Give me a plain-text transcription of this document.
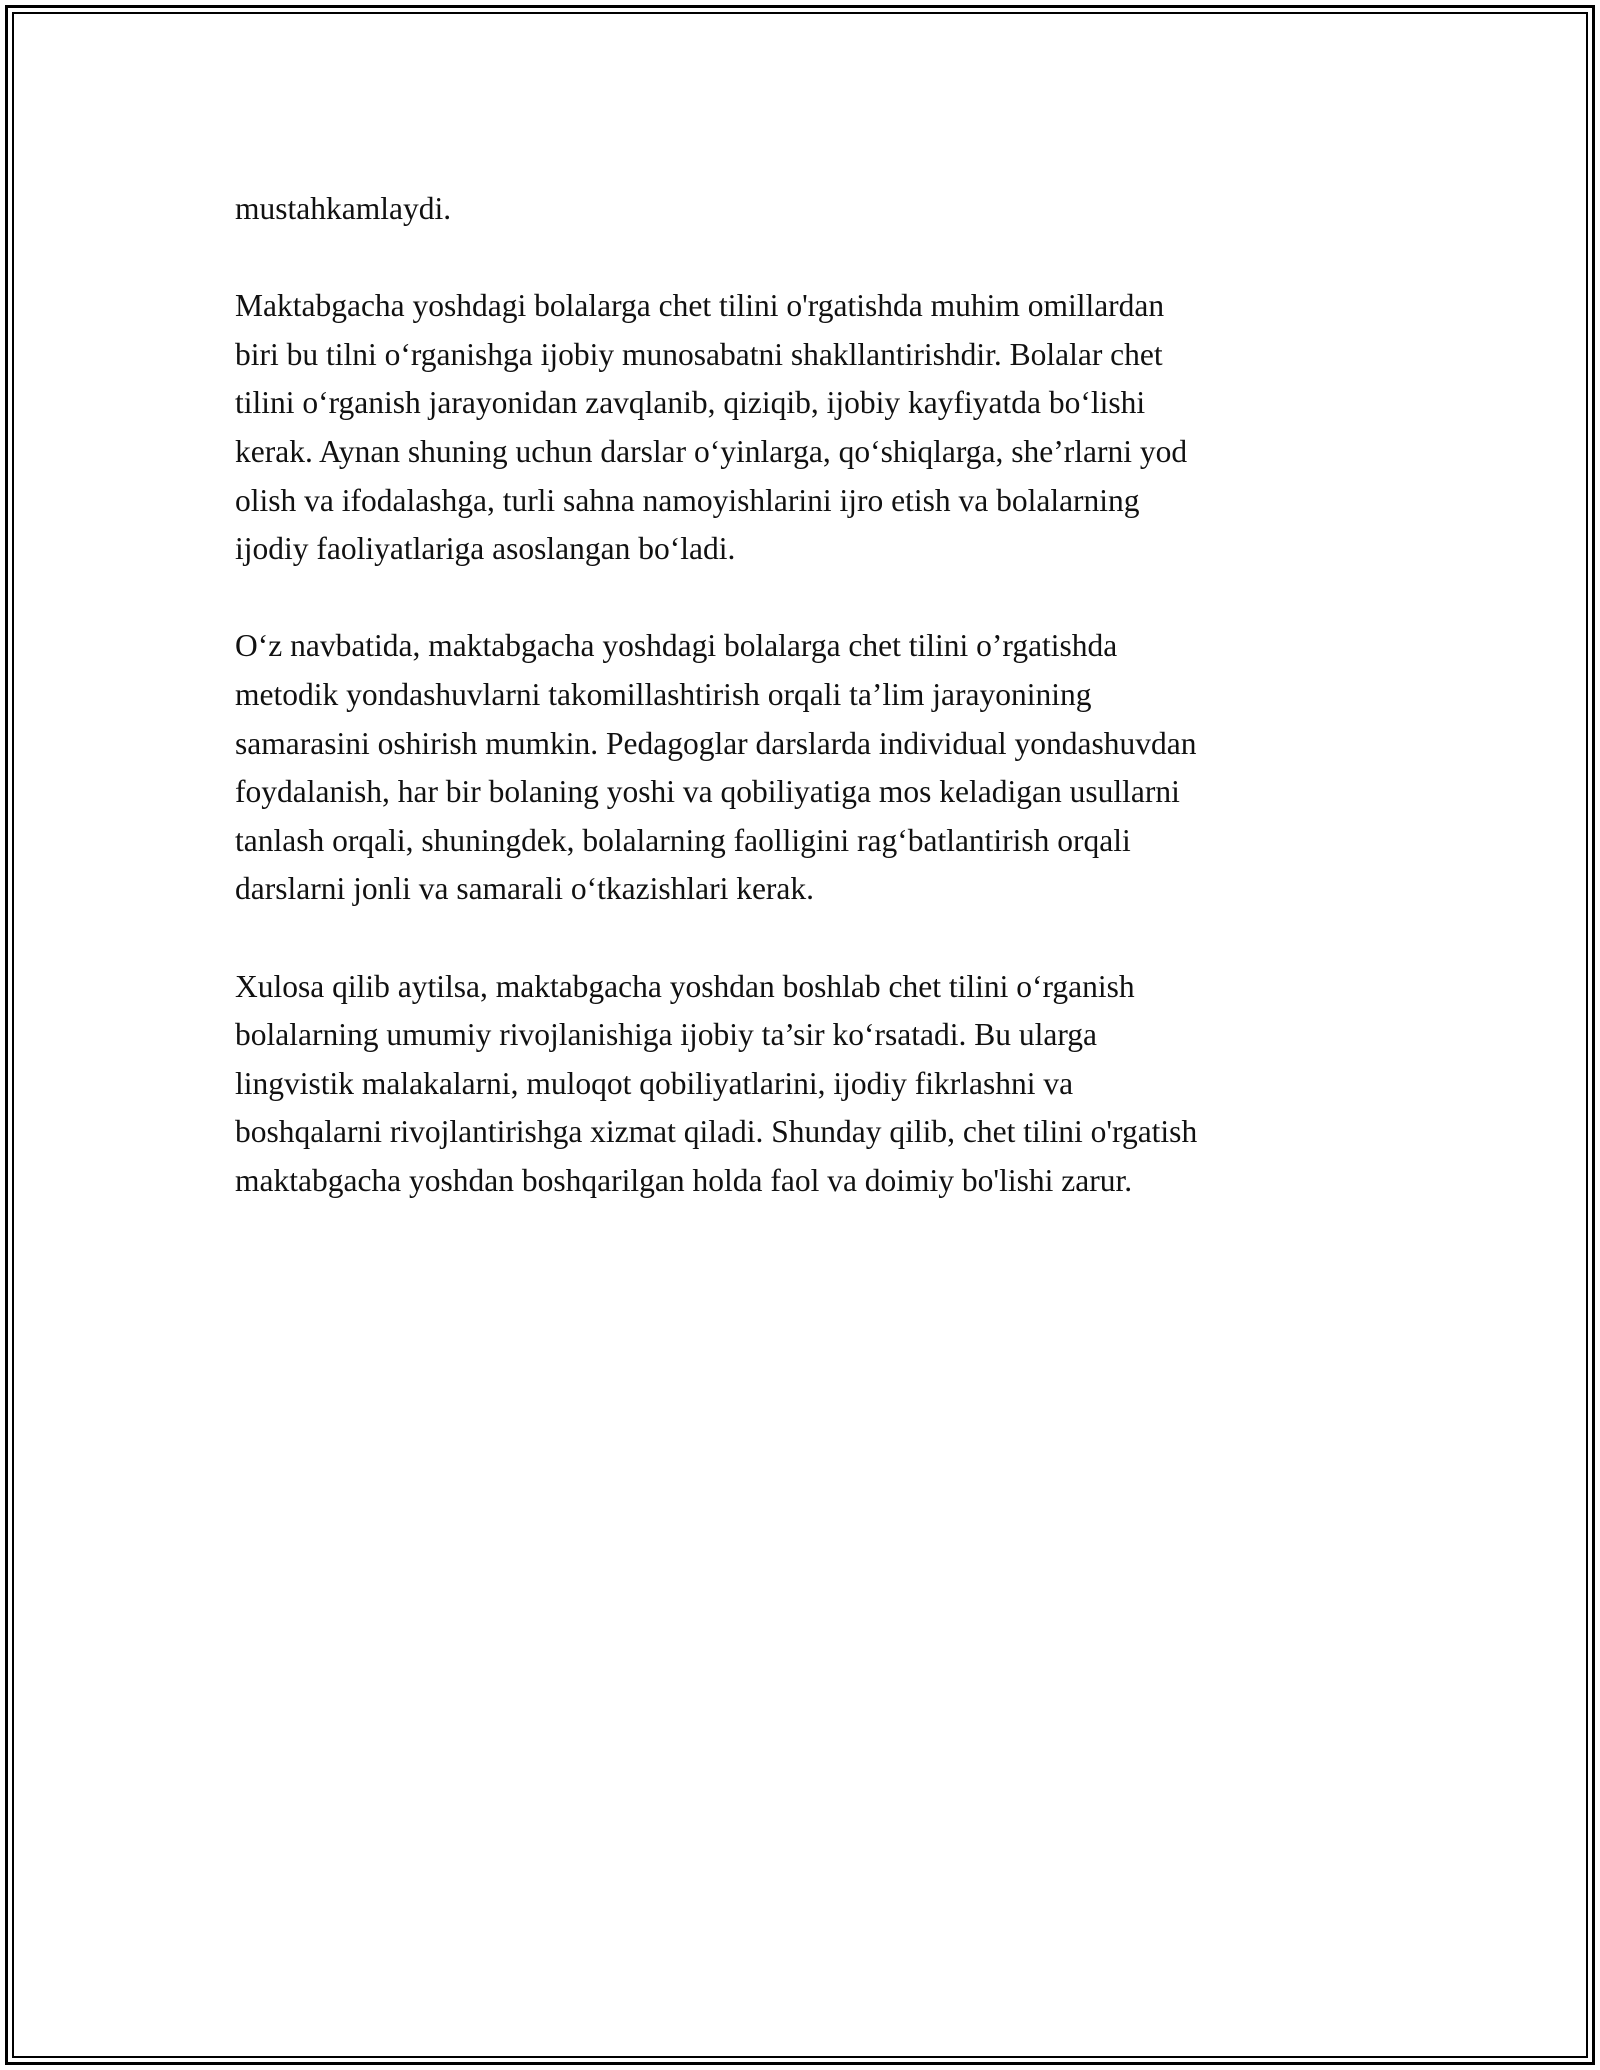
mustahkamlaydi.

Maktabgacha yoshdagi bolalarga chet tilini o'rgatishda muhim omillardan
biri bu tilni o‘rganishga ijobiy munosabatni shakllantirishdir. Bolalar chet
tilini o‘rganish jarayonidan zavqlanib, qiziqib, ijobiy kayfiyatda bo‘lishi
kerak. Aynan shuning uchun darslar o‘yinlarga, qo‘shiqlarga, she’rlarni yod
olish va ifodalashga, turli sahna namoyishlarini ijro etish va bolalarning
ijodiy faoliyatlariga asoslangan bo‘ladi.

O‘z navbatida, maktabgacha yoshdagi bolalarga chet tilini o’rgatishda
metodik yondashuvlarni takomillashtirish orqali ta’lim jarayonining
samarasini oshirish mumkin. Pedagoglar darslarda individual yondashuvdan
foydalanish, har bir bolaning yoshi va qobiliyatiga mos keladigan usullarni
tanlash orqali, shuningdek, bolalarning faolligini rag‘batlantirish orqali
darslarni jonli va samarali o‘tkazishlari kerak.

Xulosa qilib aytilsa, maktabgacha yoshdan boshlab chet tilini o‘rganish
bolalarning umumiy rivojlanishiga ijobiy ta’sir ko‘rsatadi. Bu ularga
lingvistik malakalarni, muloqot qobiliyatlarini, ijodiy fikrlashni va
boshqalarni rivojlantirishga xizmat qiladi. Shunday qilib, chet tilini o'rgatish
maktabgacha yoshdan boshqarilgan holda faol va doimiy bo'lishi zarur.
